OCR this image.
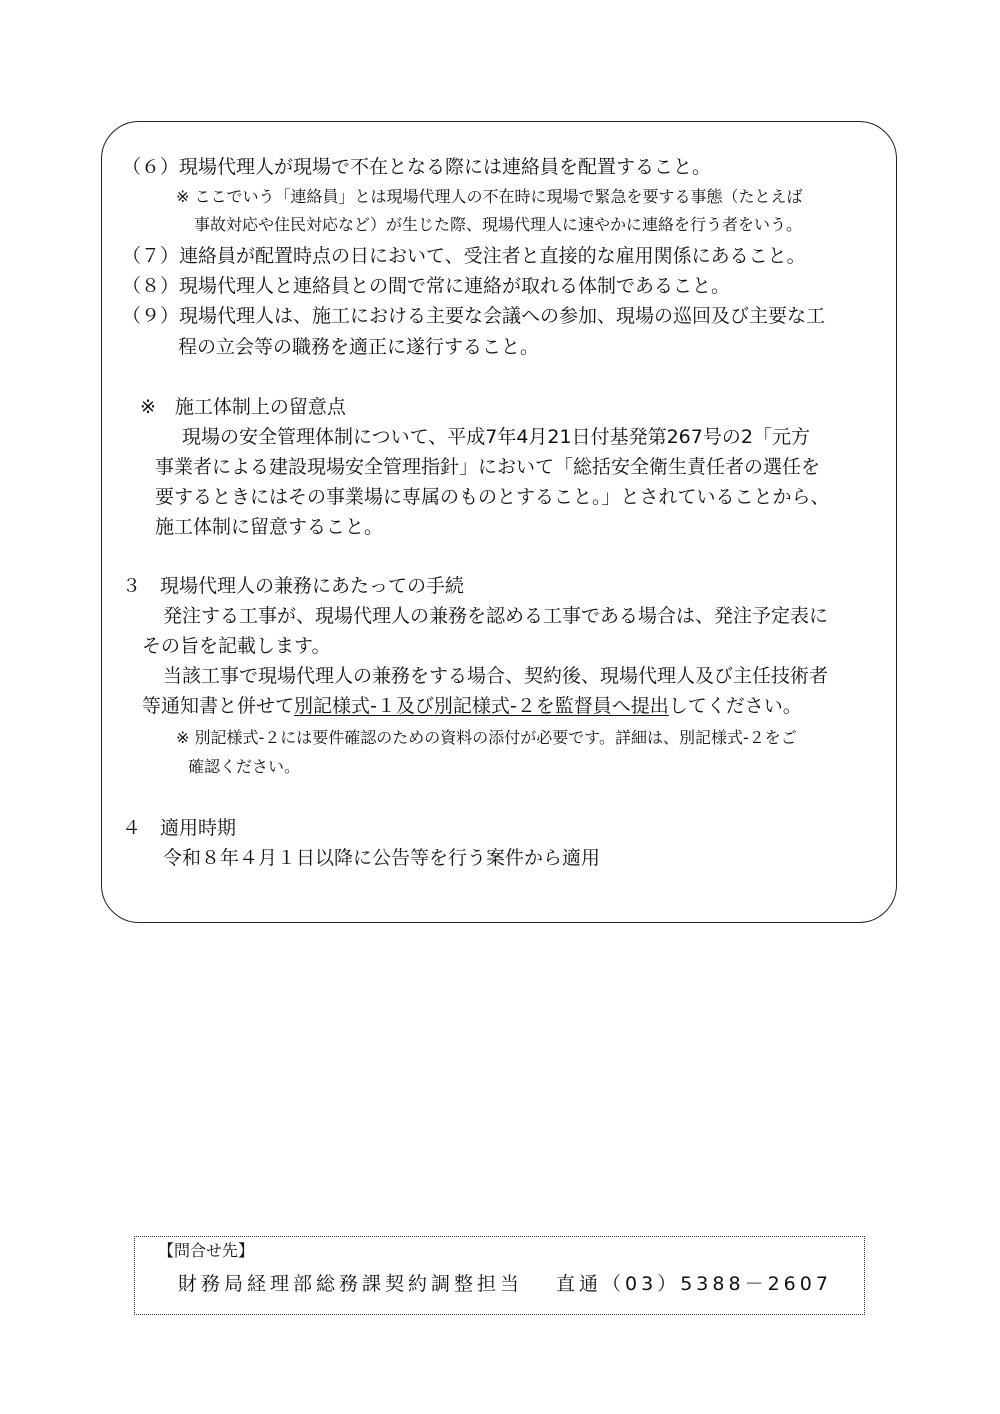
（６）現場代理人が現場で不在となる際には連絡員を配置すること。
※ ここでいう「連絡員」とは現場代理人の不在時に現場で緊急を要する事態（たとえば
事故対応や住民対応など）が生じた際、現場代理人に速やかに連絡を行う者をいう。
（７）連絡員が配置時点の日において、受注者と直接的な雇用関係にあること。
（８）現場代理人と連絡員との間で常に連絡が取れる体制であること。
（９）現場代理人は、施工における主要な会議への参加、現場の巡回及び主要な工
程の立会等の職務を適正に遂行すること。
※　施工体制上の留意点
現場の安全管理体制について、平成7年4月21日付基発第267号の2「元方
事業者による建設現場安全管理指針」において「総括安全衛生責任者の選任を
要するときにはその事業場に専属のものとすること。」とされていることから、
施工体制に留意すること。
３　現場代理人の兼務にあたっての手続
発注する工事が、現場代理人の兼務を認める工事である場合は、発注予定表に
その旨を記載します。
当該工事で現場代理人の兼務をする場合、契約後、現場代理人及び主任技術者
等通知書と併せて別記様式-１及び別記様式-２を監督員へ提出してください。
※ 別記様式-２には要件確認のための資料の添付が必要です。詳細は、別記様式-２をご
確認ください。
４　適用時期
令和８年４月１日以降に公告等を行う案件から適用
【問合せ先】
財務局経理部総務課契約調整担当　 直通（03）5388－2607
